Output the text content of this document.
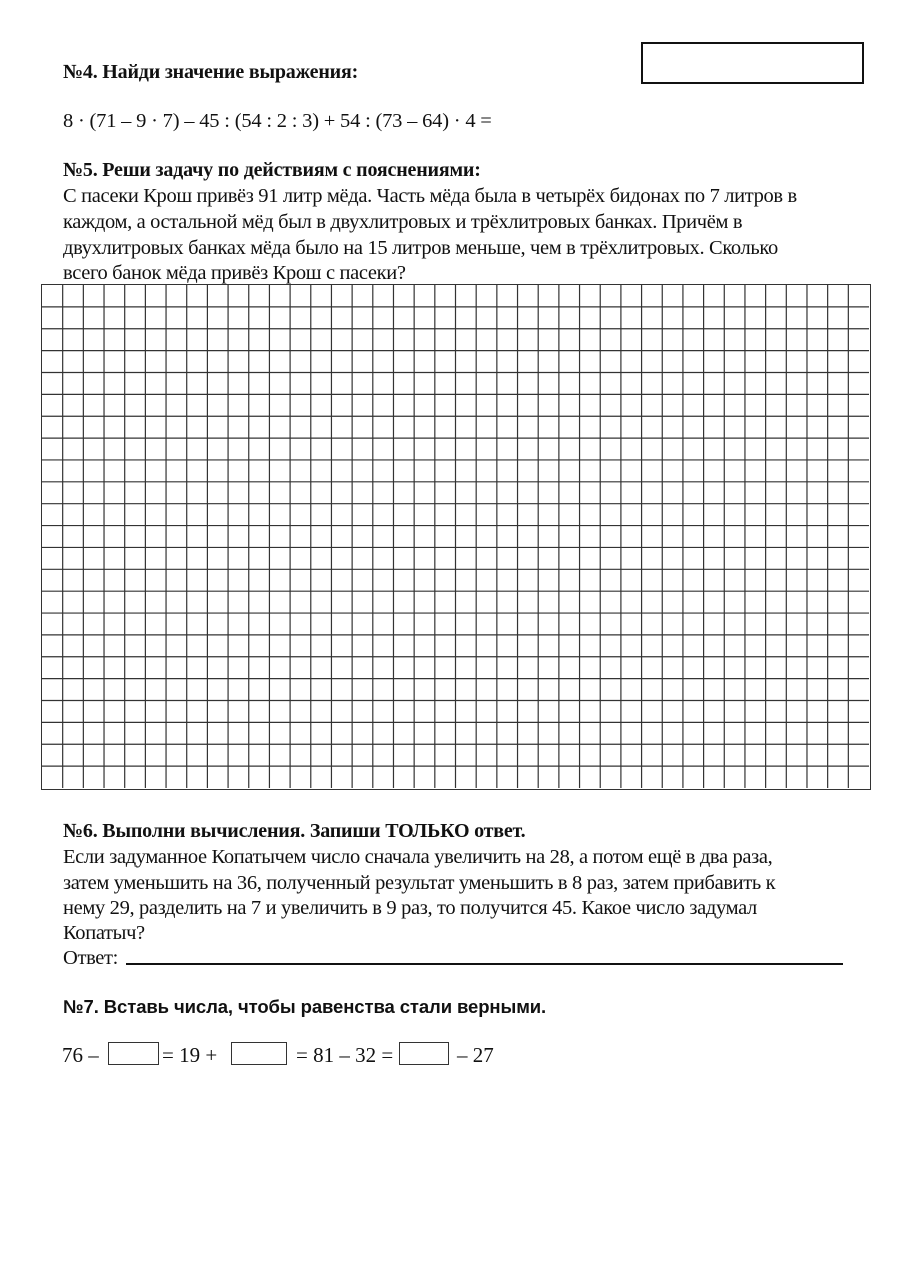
№4. Найди значение выражения:
8 · (71 – 9 · 7) – 45 : (54 : 2 : 3) + 54 : (73 – 64) · 4 =
№5. Реши задачу по действиям с пояснениями:
С пасеки Крош привёз 91 литр мёда. Часть мёда была в четырёх бидонах по 7 литров в
каждом, а остальной мёд был в двухлитровых и трёхлитровых банках. Причём в
двухлитровых банках мёда было на 15 литров меньше, чем в трёхлитровых. Сколько
всего банок мёда привёз Крош с пасеки?
№6. Выполни вычисления. Запиши ТОЛЬКО ответ.
Если задуманное Копатычем число сначала увеличить на 28, а потом ещё в два раза,
затем уменьшить на 36, полученный результат уменьшить в 8 раз, затем прибавить к
нему 29, разделить на 7 и увеличить в 9 раз, то получится 45. Какое число задумал
Копатыч?
Ответ:
№7. Вставь числа, чтобы равенства стали верными.
76 –	= 19 +	= 81 – 32 =	– 27
